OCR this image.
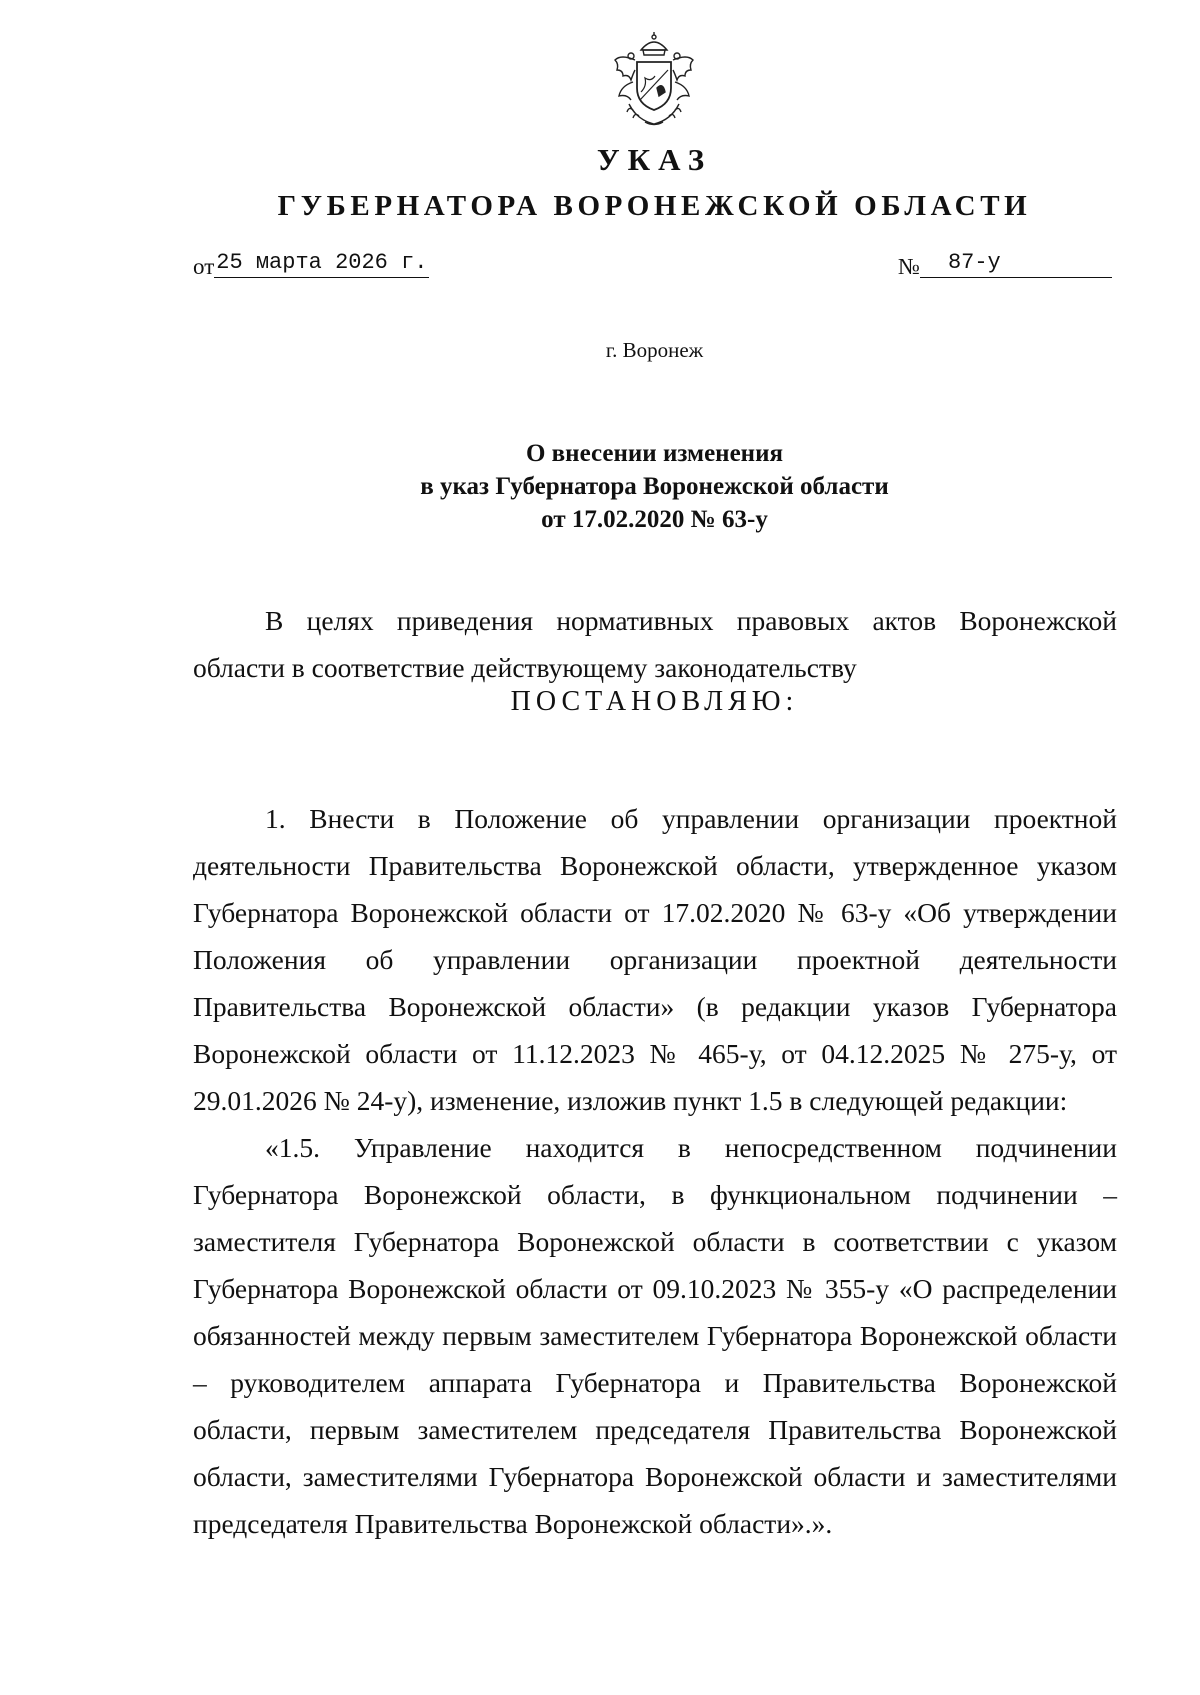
УКАЗ
ГУБЕРНАТОРА ВОРОНЕЖСКОЙ ОБЛАСТИ
от25 марта 2026 г.	№ 87-у
г. Воронеж
О внесении изменения
в указ Губернатора Воронежской области
от 17.02.2020 № 63-у

В целях приведения нормативных правовых актов Воронежской области в соответствие действующему законодательству

ПОСТАНОВЛЯЮ:

1. Внести в Положение об управлении организации проектной деятельности Правительства Воронежской области, утвержденное указом Губернатора Воронежской области от 17.02.2020 № 63-у «Об утверждении Положения об управлении организации проектной деятельности Правительства Воронежской области» (в редакции указов Губернатора Воронежской области от 11.12.2023 № 465-у, от 04.12.2025 № 275-у, от 29.01.2026 № 24-у), изменение, изложив пункт 1.5 в следующей редакции:

«1.5. Управление находится в непосредственном подчинении Губернатора Воронежской области, в функциональном подчинении – заместителя Губернатора Воронежской области в соответствии с указом Губернатора Воронежской области от 09.10.2023 № 355-у «О распределении обязанностей между первым заместителем Губернатора Воронежской области – руководителем аппарата Губернатора и Правительства Воронежской области, первым заместителем председателя Правительства Воронежской области, заместителями Губернатора Воронежской области и заместителями председателя Правительства Воронежской области».».
